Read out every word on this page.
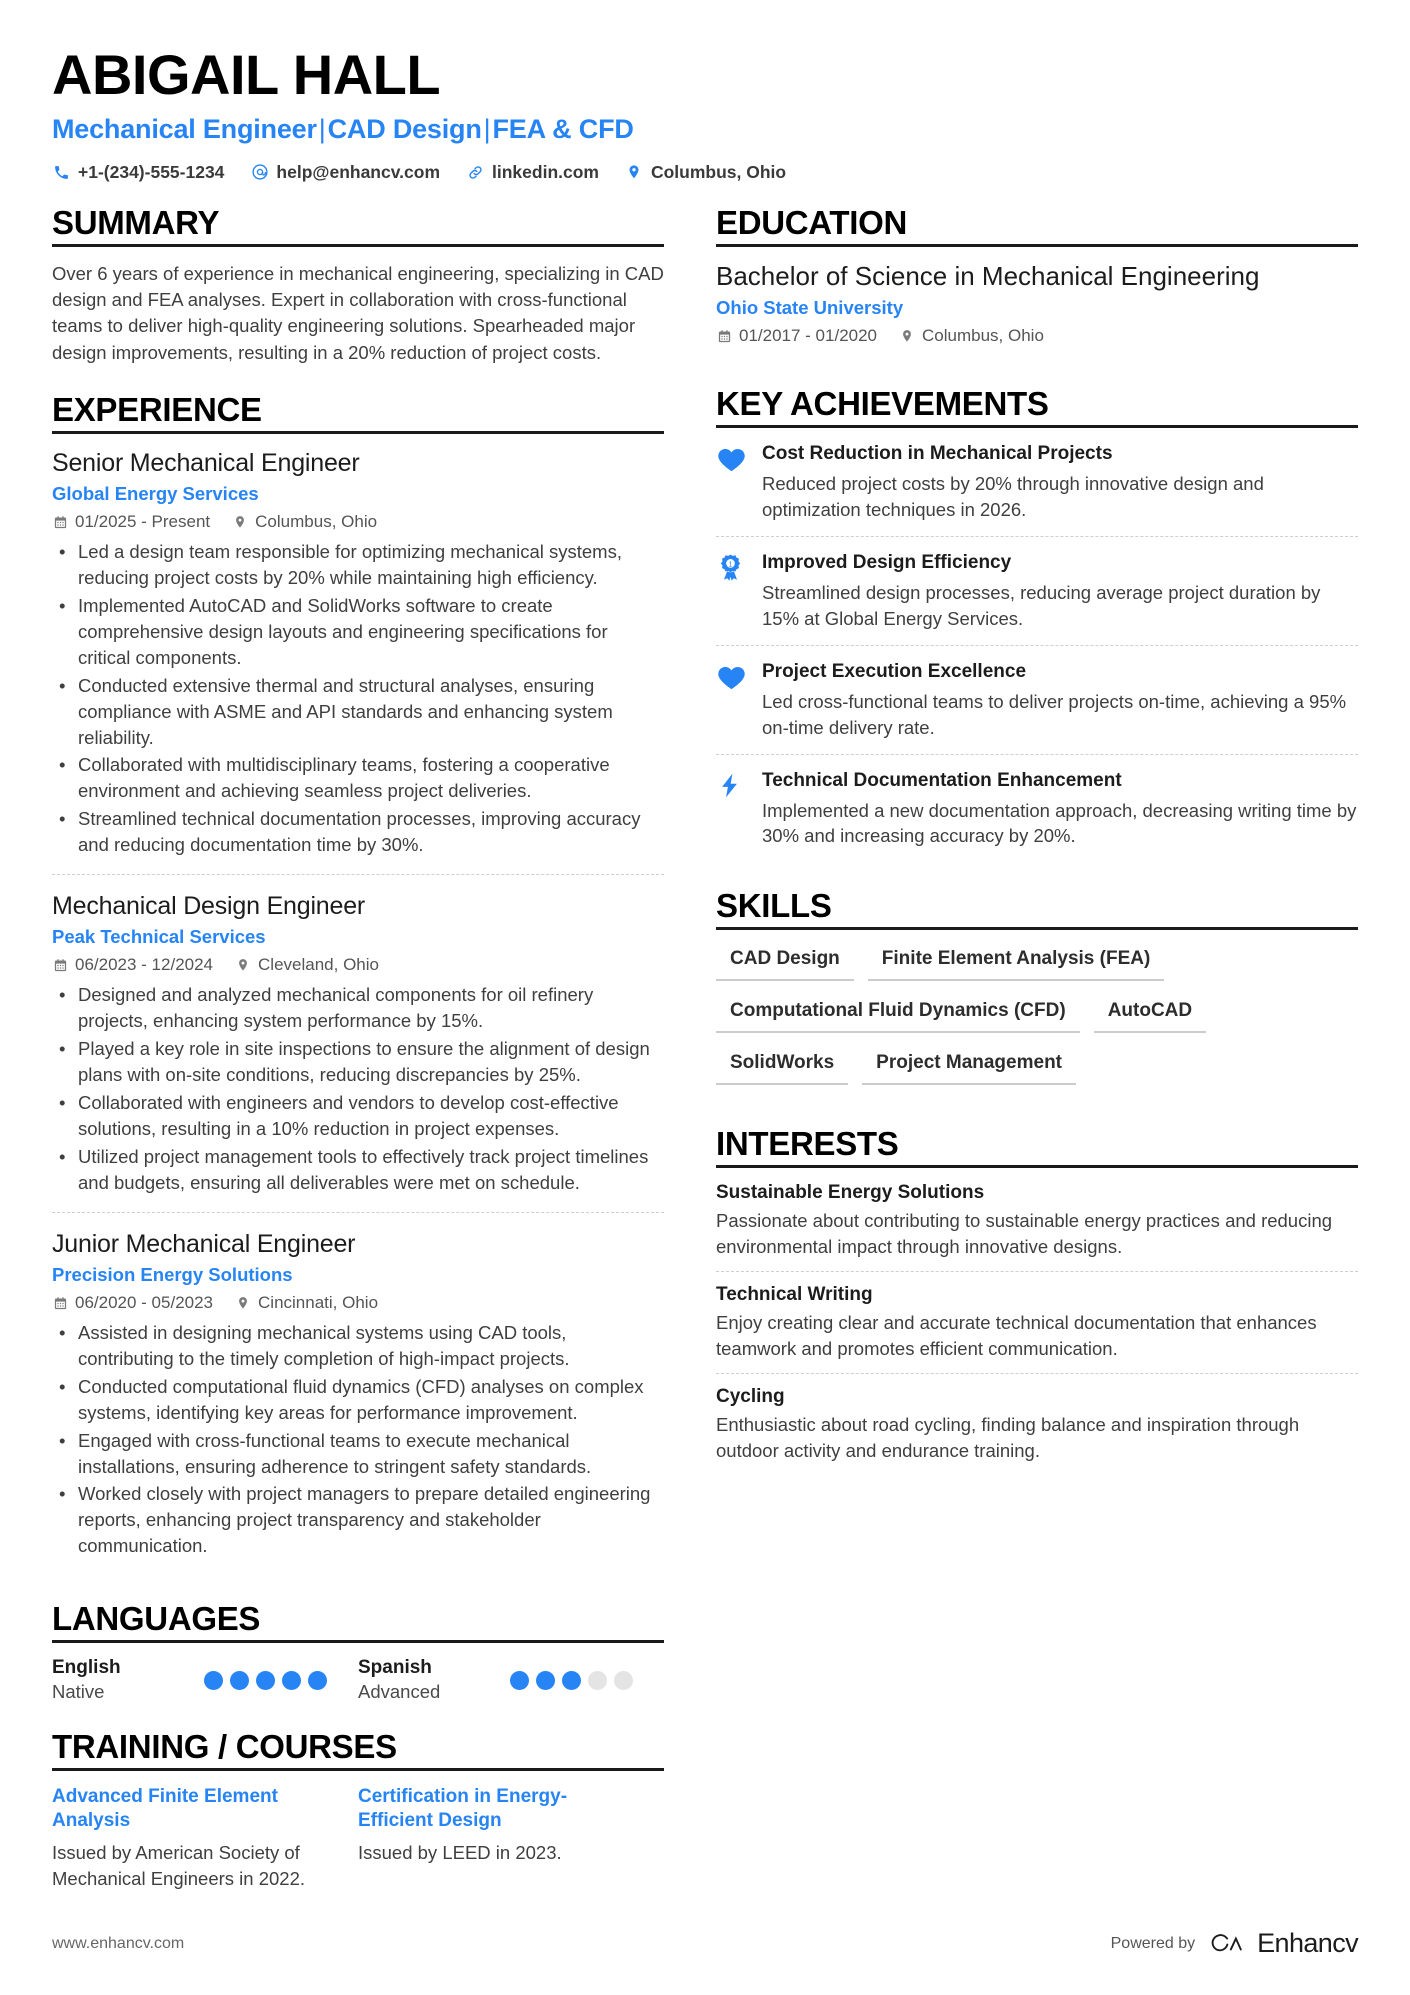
ABIGAIL HALL
Mechanical Engineer|CAD Design|FEA & CFD
+1-(234)-555-1234	help@enhancv.com	linkedin.com	Columbus, Ohio
SUMMARY
Over 6 years of experience in mechanical engineering, specializing in CAD design and FEA analyses. Expert in collaboration with cross-functional teams to deliver high-quality engineering solutions. Spearheaded major design improvements, resulting in a 20% reduction of project costs.
EXPERIENCE
Senior Mechanical Engineer
Global Energy Services
01/2025 - Present	Columbus, Ohio
• Led a design team responsible for optimizing mechanical systems, reducing project costs by 20% while maintaining high efficiency.
• Implemented AutoCAD and SolidWorks software to create comprehensive design layouts and engineering specifications for critical components.
• Conducted extensive thermal and structural analyses, ensuring compliance with ASME and API standards and enhancing system reliability.
• Collaborated with multidisciplinary teams, fostering a cooperative environment and achieving seamless project deliveries.
• Streamlined technical documentation processes, improving accuracy and reducing documentation time by 30%.
Mechanical Design Engineer
Peak Technical Services
06/2023 - 12/2024	Cleveland, Ohio
• Designed and analyzed mechanical components for oil refinery projects, enhancing system performance by 15%.
• Played a key role in site inspections to ensure the alignment of design plans with on-site conditions, reducing discrepancies by 25%.
• Collaborated with engineers and vendors to develop cost-effective solutions, resulting in a 10% reduction in project expenses.
• Utilized project management tools to effectively track project timelines and budgets, ensuring all deliverables were met on schedule.
Junior Mechanical Engineer
Precision Energy Solutions
06/2020 - 05/2023	Cincinnati, Ohio
• Assisted in designing mechanical systems using CAD tools, contributing to the timely completion of high-impact projects.
• Conducted computational fluid dynamics (CFD) analyses on complex systems, identifying key areas for performance improvement.
• Engaged with cross-functional teams to execute mechanical installations, ensuring adherence to stringent safety standards.
• Worked closely with project managers to prepare detailed engineering reports, enhancing project transparency and stakeholder communication.
LANGUAGES
English
Native
Spanish
Advanced
TRAINING / COURSES
Advanced Finite Element Analysis
Issued by American Society of Mechanical Engineers in 2022.
Certification in Energy-Efficient Design
Issued by LEED in 2023.
EDUCATION
Bachelor of Science in Mechanical Engineering
Ohio State University
01/2017 - 01/2020	Columbus, Ohio
KEY ACHIEVEMENTS
Cost Reduction in Mechanical Projects
Reduced project costs by 20% through innovative design and optimization techniques in 2026.
1 Improved Design Efficiency
Streamlined design processes, reducing average project duration by 15% at Global Energy Services.
Project Execution Excellence
Led cross-functional teams to deliver projects on-time, achieving a 95% on-time delivery rate.
Technical Documentation Enhancement
Implemented a new documentation approach, decreasing writing time by 30% and increasing accuracy by 20%.
SKILLS
CAD Design	Finite Element Analysis (FEA)
Computational Fluid Dynamics (CFD)	AutoCAD
SolidWorks	Project Management
INTERESTS
Sustainable Energy Solutions
Passionate about contributing to sustainable energy practices and reducing environmental impact through innovative designs.
Technical Writing
Enjoy creating clear and accurate technical documentation that enhances teamwork and promotes efficient communication.
Cycling
Enthusiastic about road cycling, finding balance and inspiration through outdoor activity and endurance training.
www.enhancv.com	Powered by Enhancv
